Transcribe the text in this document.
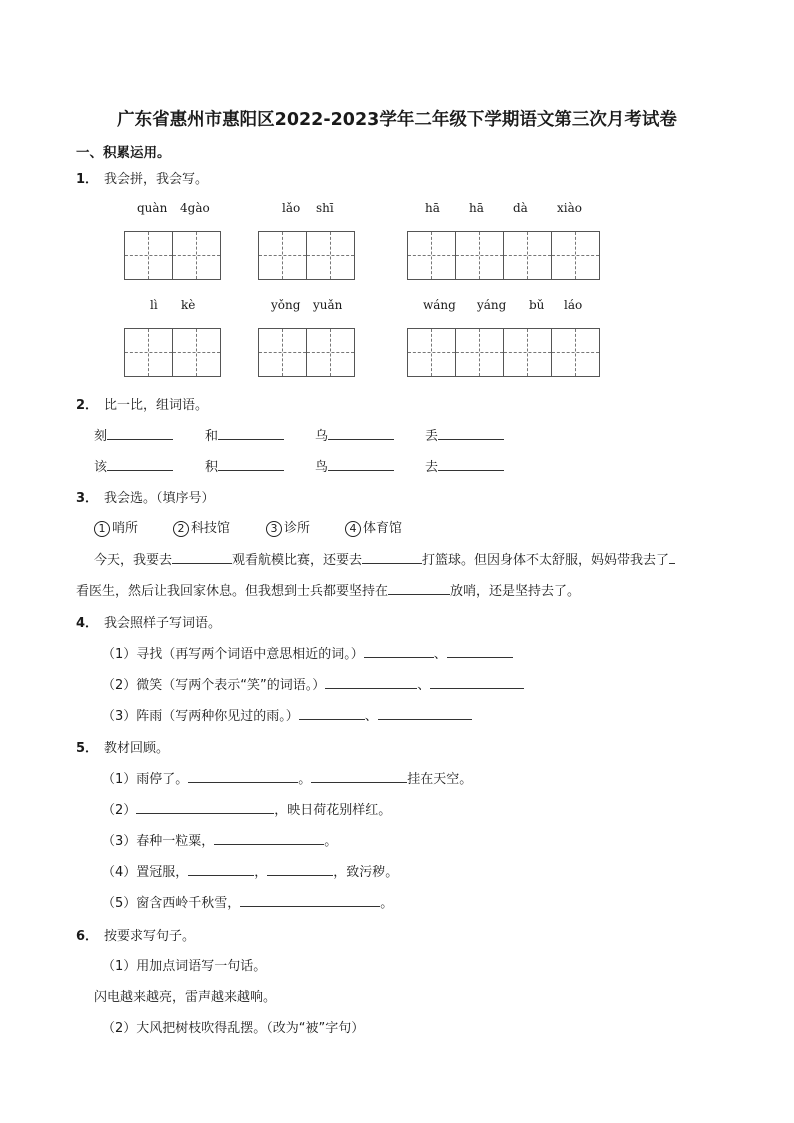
广东省惠州市惠阳区2022-2023学年二年级下学期语文第三次月考试卷
一、积累运用。
1． 我会拼，我会写。
quàn 4gào	lǎo shī	hā hā dà xiào
lì kè	yǒng yuǎn	wáng yáng bǔ láo
2． 比一比，组词语。
刻	和	乌	丢
该	积	鸟	去
3． 我会选。（填序号）
1 哨所	2 科技馆	3 诊所	4 体育馆
今天，我要去	观看航模比赛，还要去	打篮球。但因身体不太舒服，妈妈带我去了
看医生，然后让我回家休息。但我想到士兵都要坚持在	放哨，还是坚持去了。
4． 我会照样子写词语。
（1）寻找（再写两个词语中意思相近的词。）	、
（2）微笑（写两个表示“笑”的词语。）	、
（3）阵雨（写两种你见过的雨。）	、
5． 教材回顾。
（1）雨停了。	。	挂在天空。
（2）	，映日荷花别样红。
（3）春种一粒粟，	。
（4）置冠服，	，	，致污秽。
（5）窗含西岭千秋雪，	。
6． 按要求写句子。
（1）用加点词语写一句话。
闪电越来越亮，雷声越来越响。
（2）大风把树枝吹得乱摆。（改为“被”字句）
